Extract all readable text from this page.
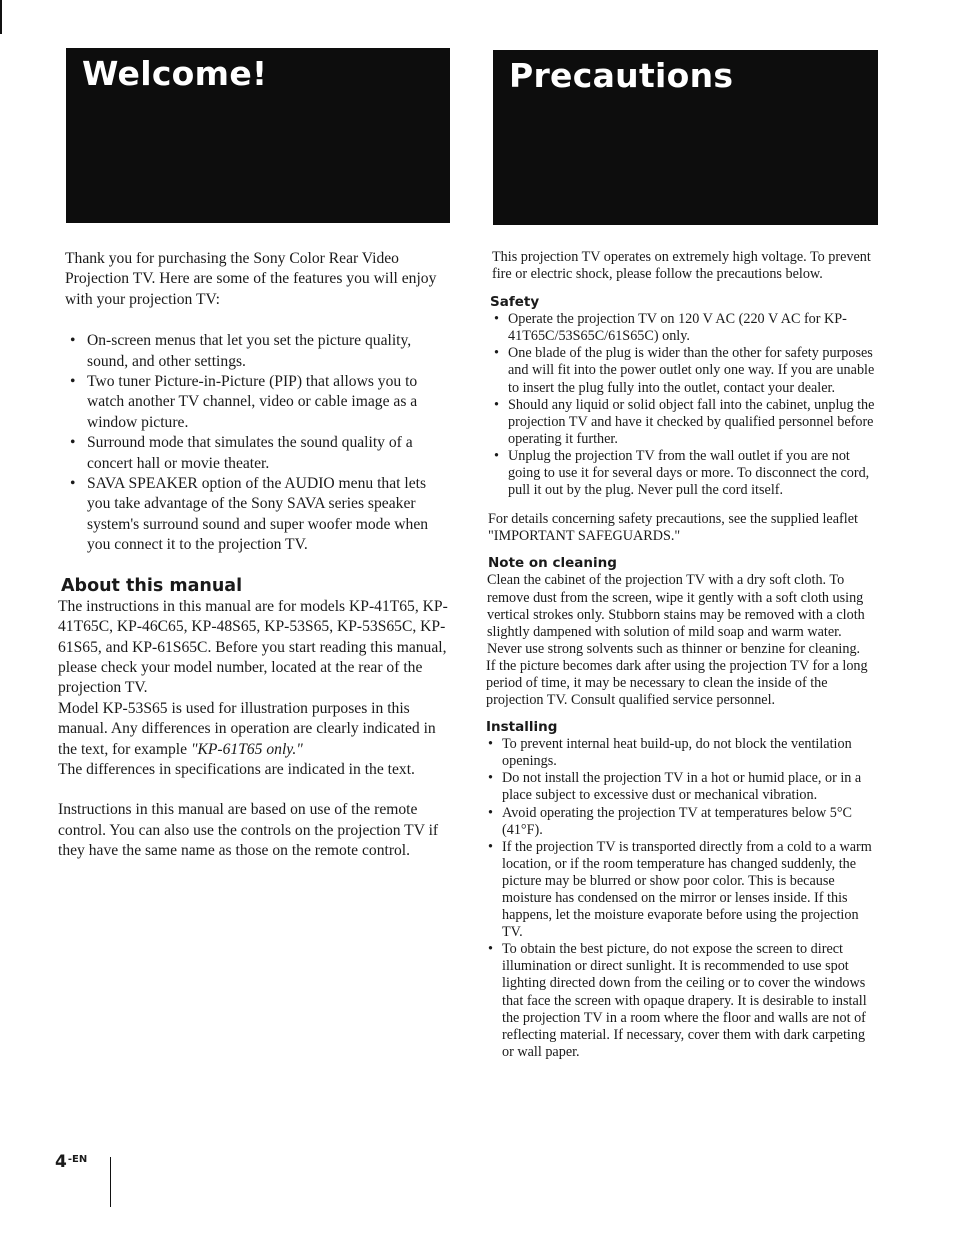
Welcome!	Precautions

Thank you for purchasing the Sony Color Rear Video Projection TV. Here are some of the features you will enjoy with your projection TV:

• On-screen menus that let you set the picture quality, sound, and other settings.
• Two tuner Picture-in-Picture (PIP) that allows you to watch another TV channel, video or cable image as a window picture.
• Surround mode that simulates the sound quality of a concert hall or movie theater.
• SAVA SPEAKER option of the AUDIO menu that lets you take advantage of the Sony SAVA series speaker system's surround sound and super woofer mode when you connect it to the projection TV.
About this manual

The instructions in this manual are for models KP-41T65, KP-41T65C, KP-46C65, KP-48S65, KP-53S65, KP-53S65C, KP-61S65, and KP-61S65C. Before you start reading this manual, please check your model number, located at the rear of the projection TV.

Model KP-53S65 is used for illustration purposes in this manual. Any differences in operation are clearly indicated in the text, for example "KP-61T65 only."

The differences in specifications are indicated in the text.

Instructions in this manual are based on use of the remote control. You can also use the controls on the projection TV if they have the same name as those on the remote control.

This projection TV operates on extremely high voltage. To prevent fire or electric shock, please follow the precautions below.

Safety
• Operate the projection TV on 120 V AC (220 V AC for KP-41T65C/53S65C/61S65C) only.
• One blade of the plug is wider than the other for safety purposes and will fit into the power outlet only one way. If you are unable to insert the plug fully into the outlet, contact your dealer.
• Should any liquid or solid object fall into the cabinet, unplug the projection TV and have it checked by qualified personnel before operating it further.
• Unplug the projection TV from the wall outlet if you are not going to use it for several days or more. To disconnect the cord, pull it out by the plug. Never pull the cord itself.

For details concerning safety precautions, see the supplied leaflet "IMPORTANT SAFEGUARDS."

Note on cleaning

Clean the cabinet of the projection TV with a dry soft cloth. To remove dust from the screen, wipe it gently with a soft cloth using vertical strokes only. Stubborn stains may be removed with a cloth slightly dampened with solution of mild soap and warm water. Never use strong solvents such as thinner or benzine for cleaning.

If the picture becomes dark after using the projection TV for a long period of time, it may be necessary to clean the inside of the projection TV. Consult qualified service personnel.

Installing
• To prevent internal heat build-up, do not block the ventilation openings.
• Do not install the projection TV in a hot or humid place, or in a place subject to excessive dust or mechanical vibration.
• Avoid operating the projection TV at temperatures below 5°C (41°F).
• If the projection TV is transported directly from a cold to a warm location, or if the room temperature has changed suddenly, the picture may be blurred or show poor color. This is because moisture has condensed on the mirror or lenses inside. If this happens, let the moisture evaporate before using the projection TV.
• To obtain the best picture, do not expose the screen to direct illumination or direct sunlight. It is recommended to use spot lighting directed down from the ceiling or to cover the windows that face the screen with opaque drapery. It is desirable to install the projection TV in a room where the floor and walls are not of reflecting material. If necessary, cover them with dark carpeting or wall paper.
$4^{-EN}$
